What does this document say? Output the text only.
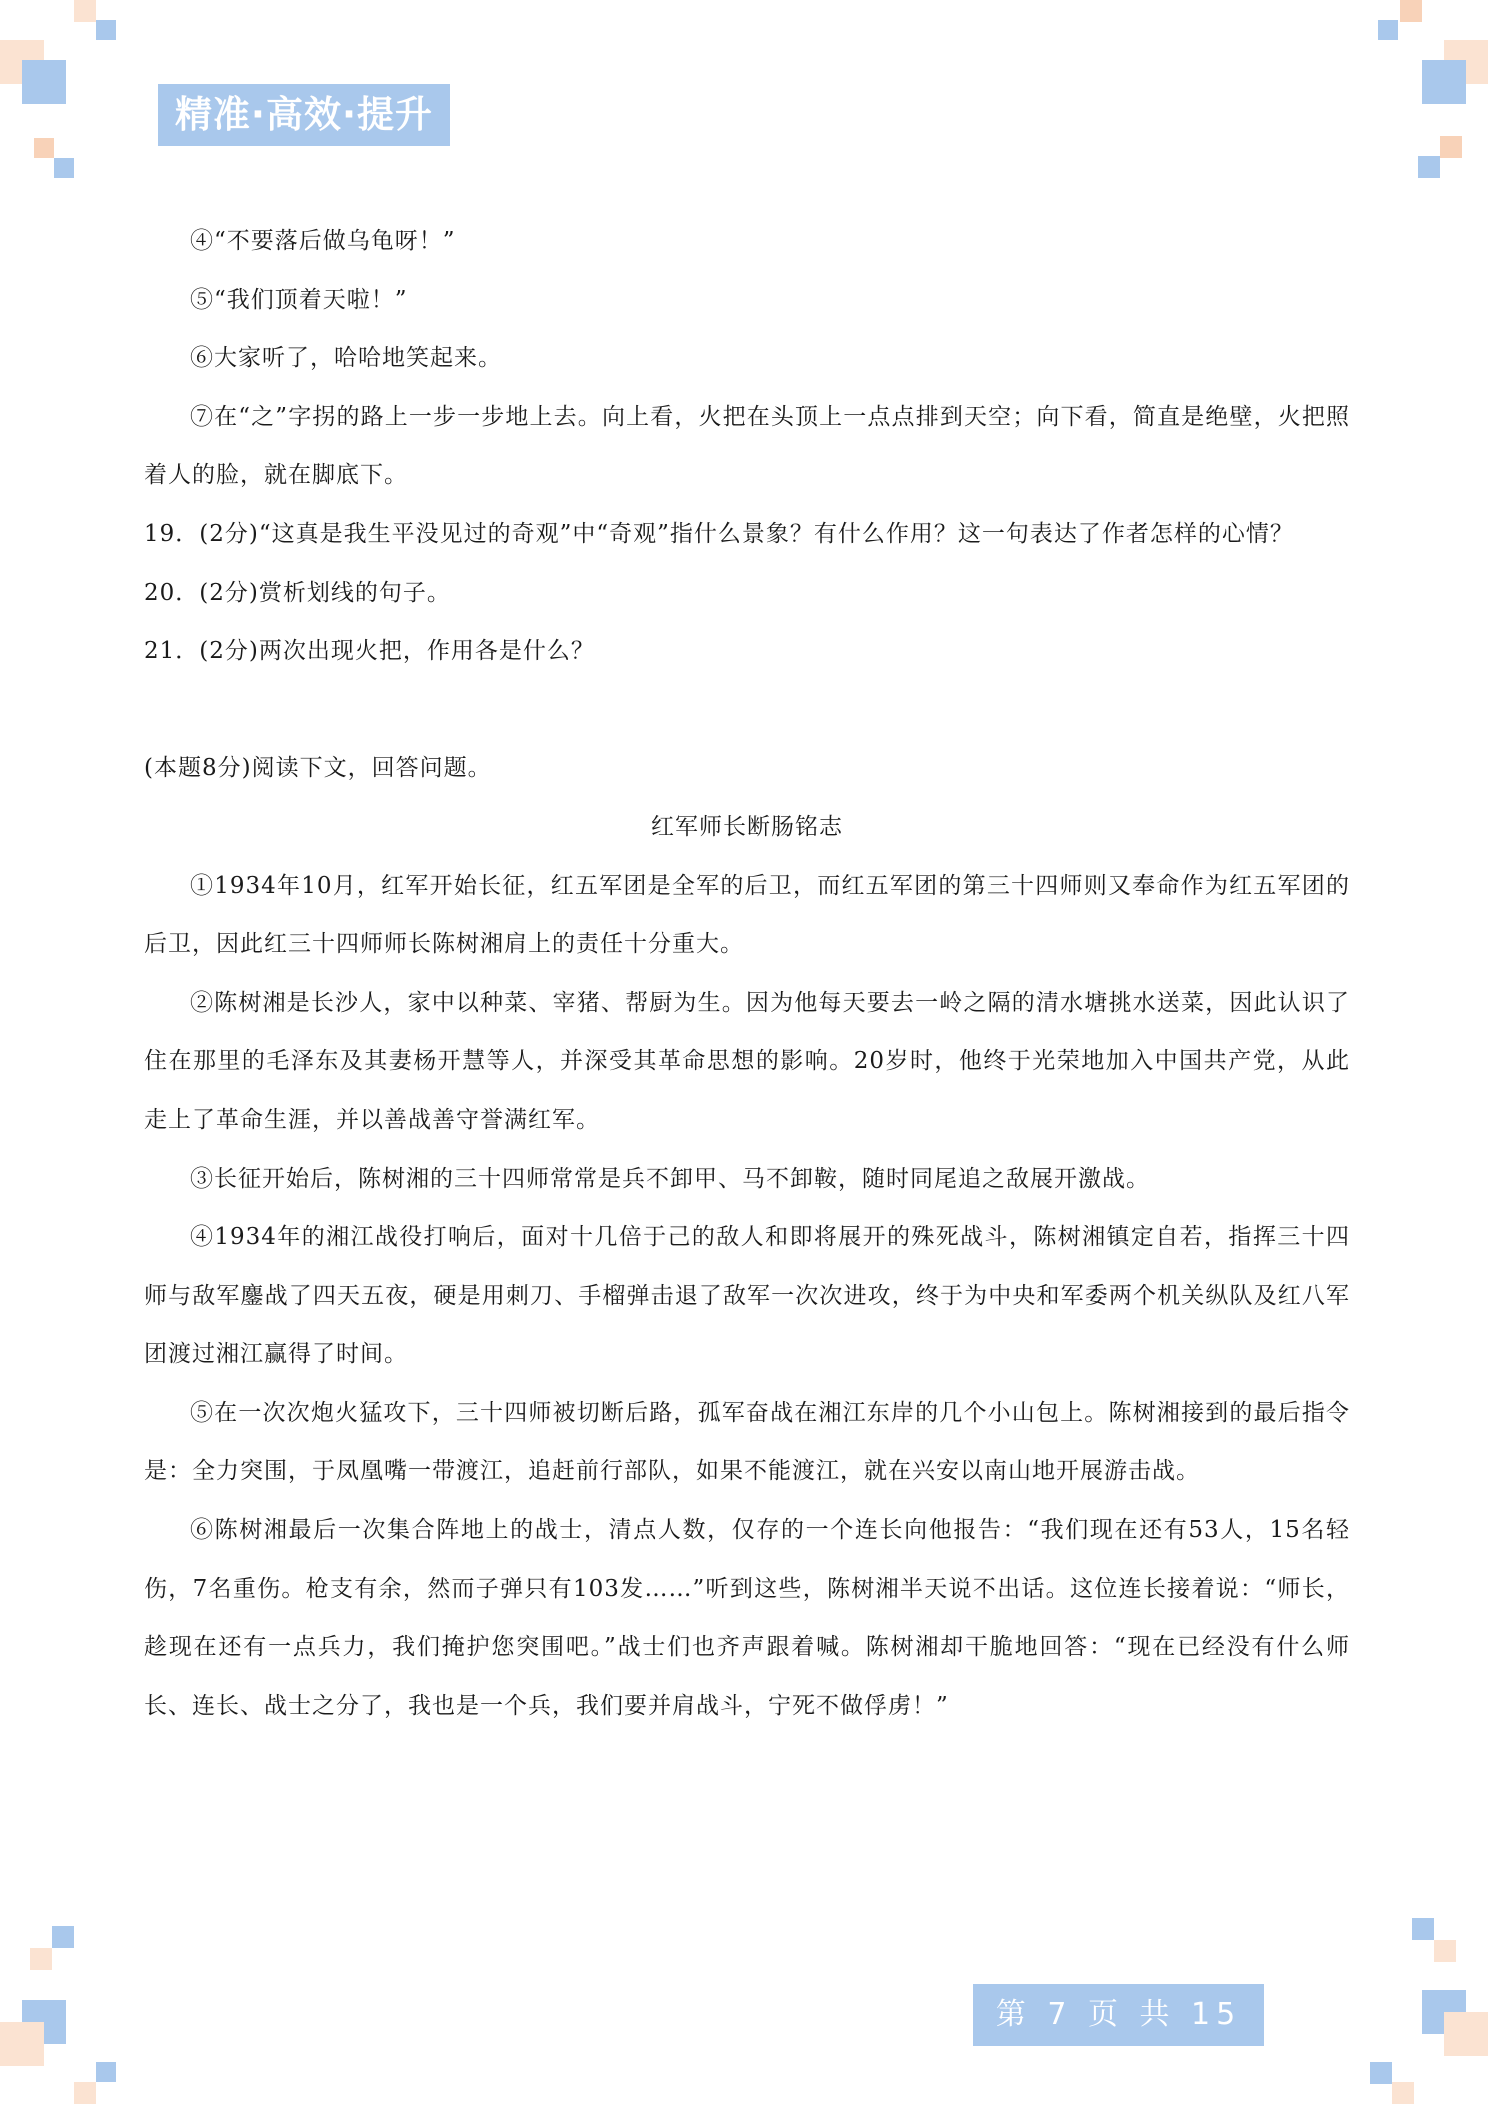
精准·高效·提升

④“不要落后做乌龟呀！”

⑤“我们顶着天啦！”

⑥大家听了，哈哈地笑起来。

⑦在“之”字拐的路上一步一步地上去。向上看，火把在头顶上一点点排到天空；向下看，简直是绝壁，火把照着人的脸，就在脚底下。

19．(2分)“这真是我生平没见过的奇观”中“奇观”指什么景象？有什么作用？这一句表达了作者怎样的心情？

20．(2分)赏析划线的句子。

21．(2分)两次出现火把，作用各是什么？

(本题8分)阅读下文，回答问题。

红军师长断肠铭志

①1934年10月，红军开始长征，红五军团是全军的后卫，而红五军团的第三十四师则又奉命作为红五军团的后卫，因此红三十四师师长陈树湘肩上的责任十分重大。

②陈树湘是长沙人，家中以种菜、宰猪、帮厨为生。因为他每天要去一岭之隔的清水塘挑水送菜，因此认识了住在那里的毛泽东及其妻杨开慧等人，并深受其革命思想的影响。20岁时，他终于光荣地加入中国共产党，从此走上了革命生涯，并以善战善守誉满红军。

③长征开始后，陈树湘的三十四师常常是兵不卸甲、马不卸鞍，随时同尾追之敌展开激战。

④1934年的湘江战役打响后，面对十几倍于己的敌人和即将展开的殊死战斗，陈树湘镇定自若，指挥三十四师与敌军鏖战了四天五夜，硬是用刺刀、手榴弹击退了敌军一次次进攻，终于为中央和军委两个机关纵队及红八军团渡过湘江赢得了时间。

⑤在一次次炮火猛攻下，三十四师被切断后路，孤军奋战在湘江东岸的几个小山包上。陈树湘接到的最后指令是：全力突围，于凤凰嘴一带渡江，追赶前行部队，如果不能渡江，就在兴安以南山地开展游击战。

⑥陈树湘最后一次集合阵地上的战士，清点人数，仅存的一个连长向他报告：“我们现在还有53人，15名轻伤，7名重伤。枪支有余，然而子弹只有103发……”听到这些，陈树湘半天说不出话。这位连长接着说：“师长，趁现在还有一点兵力，我们掩护您突围吧。”战士们也齐声跟着喊。陈树湘却干脆地回答：“现在已经没有什么师长、连长、战士之分了，我也是一个兵，我们要并肩战斗，宁死不做俘虏！”

第 7 页 共 15 页
